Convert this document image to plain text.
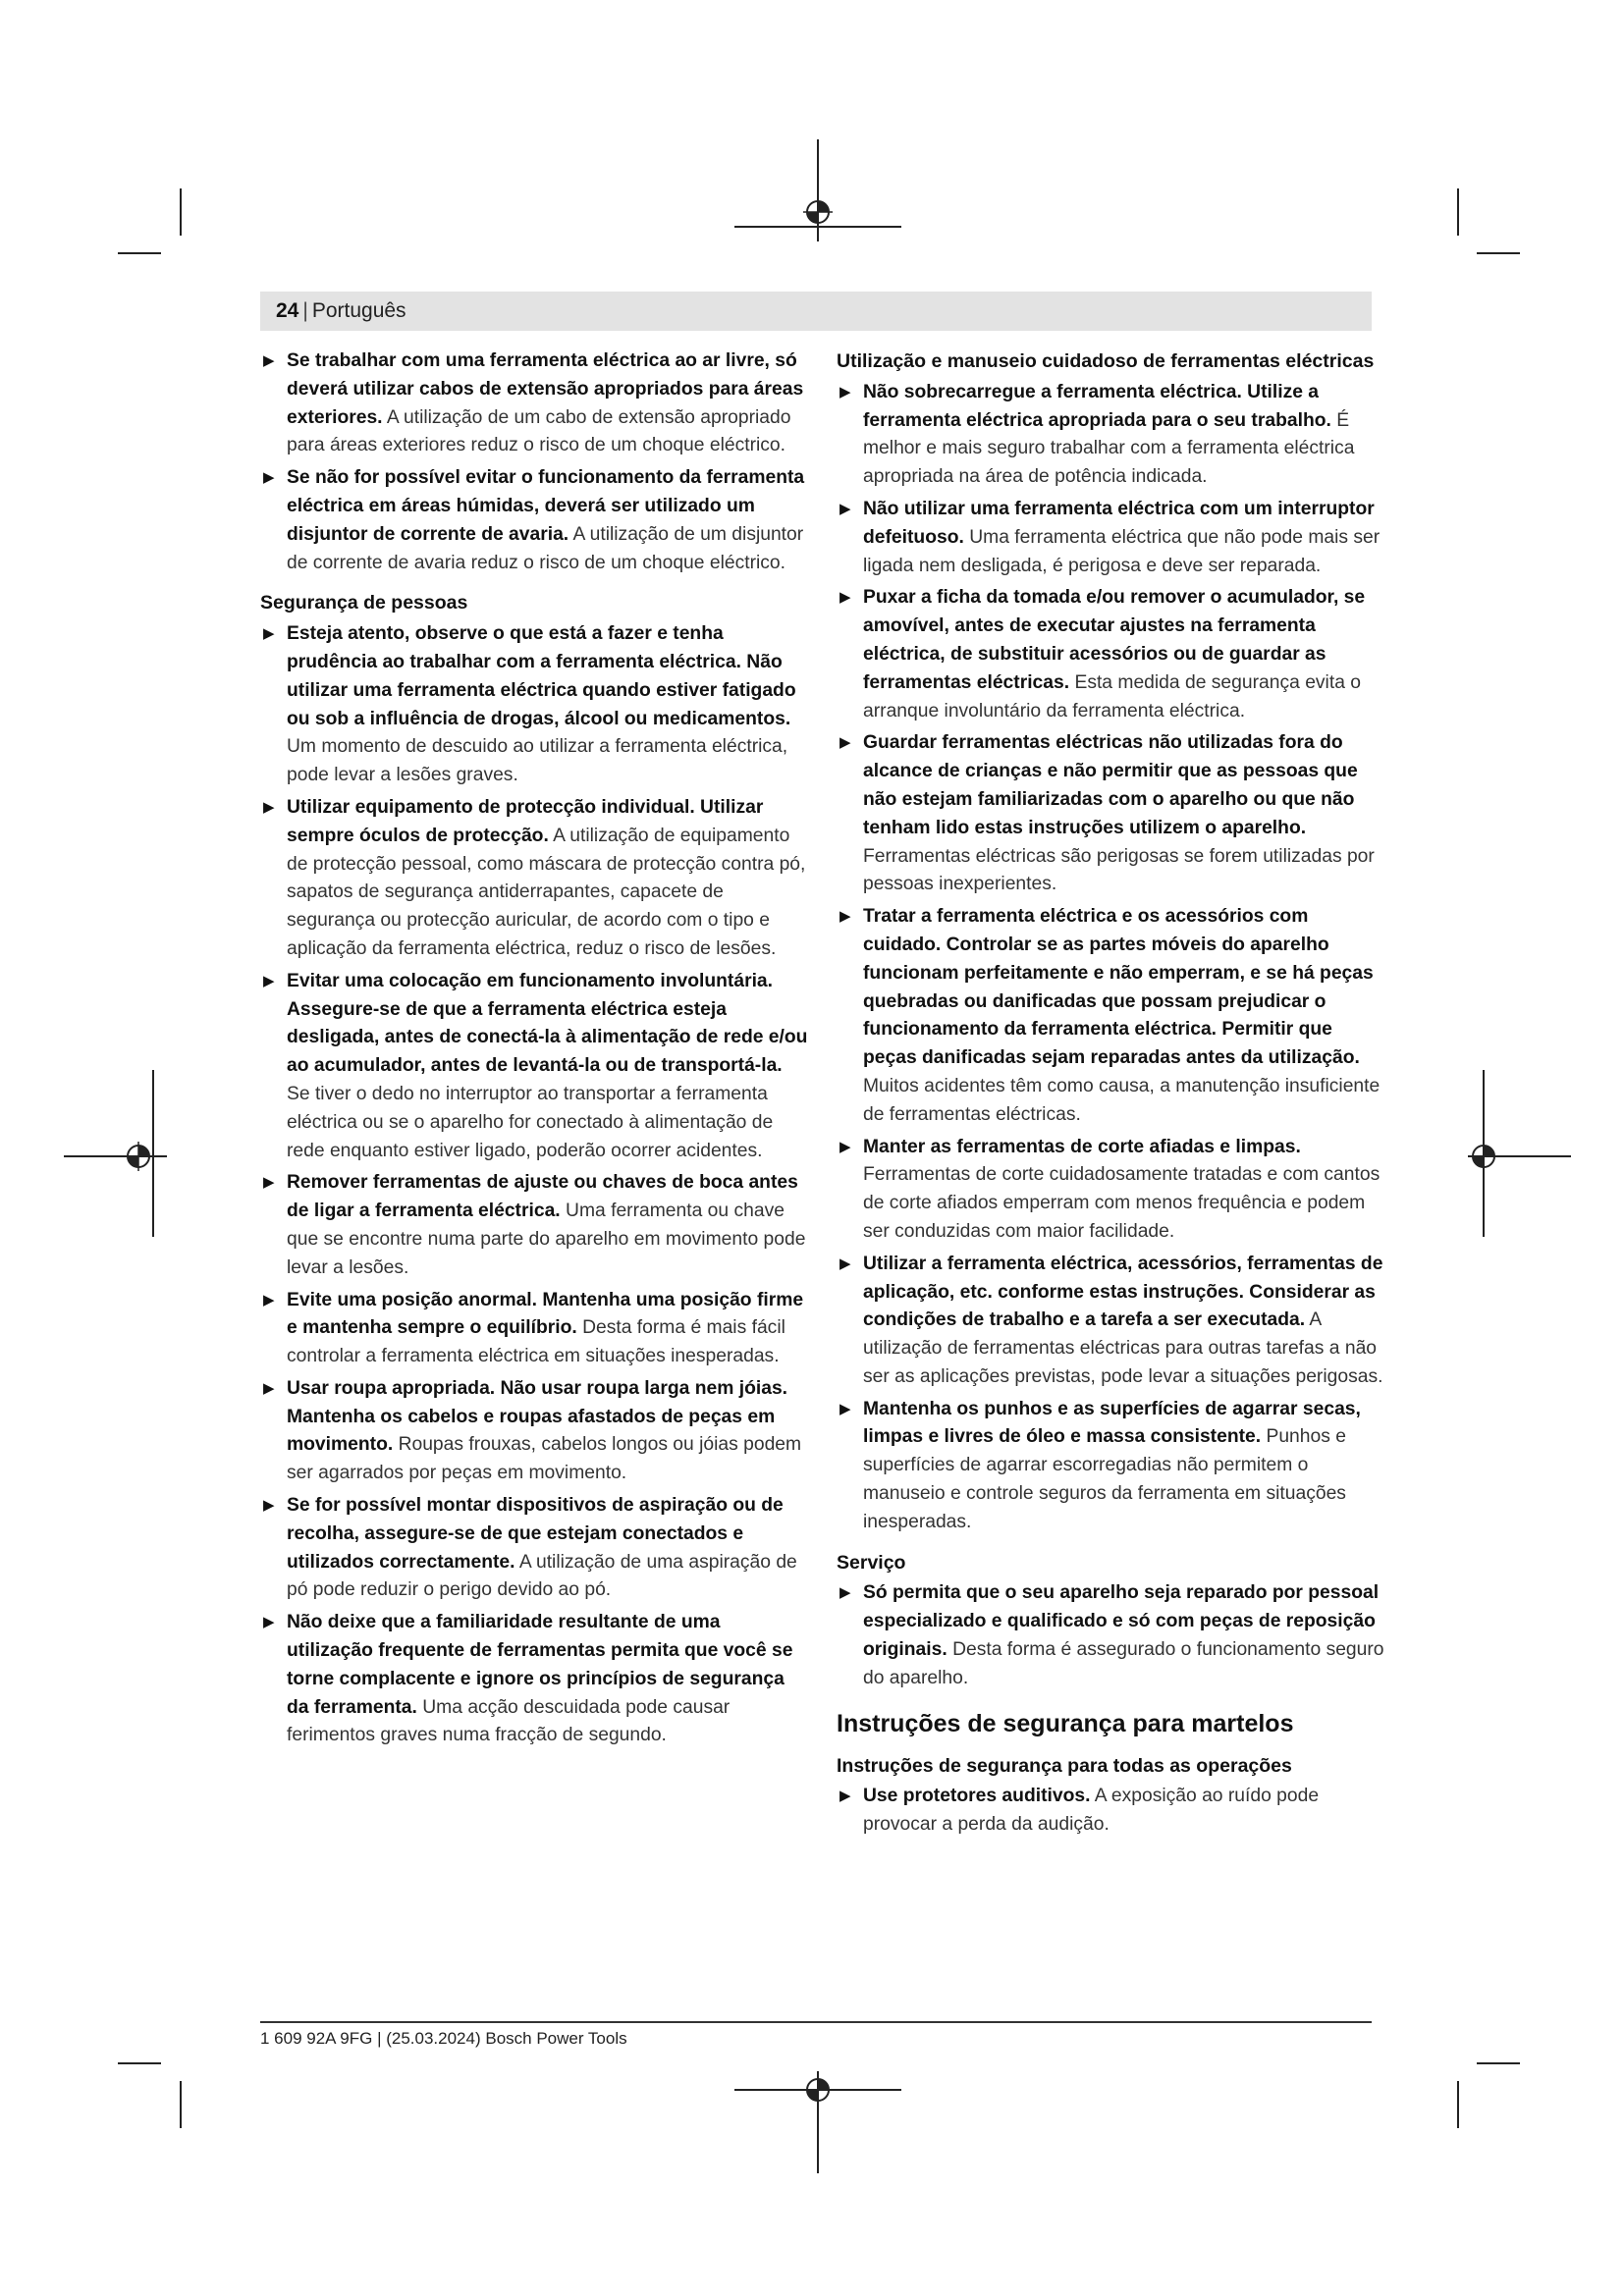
24 | Português
▶ Se trabalhar com uma ferramenta eléctrica ao ar livre, só deverá utilizar cabos de extensão apropriados para áreas exteriores. A utilização de um cabo de extensão apropriado para áreas exteriores reduz o risco de um choque eléctrico.
▶ Se não for possível evitar o funcionamento da ferramenta eléctrica em áreas húmidas, deverá ser utilizado um disjuntor de corrente de avaria. A utilização de um disjuntor de corrente de avaria reduz o risco de um choque eléctrico.
Segurança de pessoas
▶ Esteja atento, observe o que está a fazer e tenha prudência ao trabalhar com a ferramenta eléctrica. Não utilizar uma ferramenta eléctrica quando estiver fatigado ou sob a influência de drogas, álcool ou medicamentos. Um momento de descuido ao utilizar a ferramenta eléctrica, pode levar a lesões graves.
▶ Utilizar equipamento de protecção individual. Utilizar sempre óculos de protecção. A utilização de equipamento de protecção pessoal, como máscara de protecção contra pó, sapatos de segurança antiderrapantes, capacete de segurança ou protecção auricular, de acordo com o tipo e aplicação da ferramenta eléctrica, reduz o risco de lesões.
▶ Evitar uma colocação em funcionamento involuntária. Assegure-se de que a ferramenta eléctrica esteja desligada, antes de conectá-la à alimentação de rede e/ou ao acumulador, antes de levantá-la ou de transportá-la. Se tiver o dedo no interruptor ao transportar a ferramenta eléctrica ou se o aparelho for conectado à alimentação de rede enquanto estiver ligado, poderão ocorrer acidentes.
▶ Remover ferramentas de ajuste ou chaves de boca antes de ligar a ferramenta eléctrica. Uma ferramenta ou chave que se encontre numa parte do aparelho em movimento pode levar a lesões.
▶ Evite uma posição anormal. Mantenha uma posição firme e mantenha sempre o equilíbrio. Desta forma é mais fácil controlar a ferramenta eléctrica em situações inesperadas.
▶ Usar roupa apropriada. Não usar roupa larga nem jóias. Mantenha os cabelos e roupas afastados de peças em movimento. Roupas frouxas, cabelos longos ou jóias podem ser agarrados por peças em movimento.
▶ Se for possível montar dispositivos de aspiração ou de recolha, assegure-se de que estejam conectados e utilizados correctamente. A utilização de uma aspiração de pó pode reduzir o perigo devido ao pó.
▶ Não deixe que a familiaridade resultante de uma utilização frequente de ferramentas permita que você se torne complacente e ignore os princípios de segurança da ferramenta. Uma acção descuidada pode causar ferimentos graves numa fracção de segundo.
Utilização e manuseio cuidadoso de ferramentas eléctricas
▶ Não sobrecarregue a ferramenta eléctrica. Utilize a ferramenta eléctrica apropriada para o seu trabalho. É melhor e mais seguro trabalhar com a ferramenta eléctrica apropriada na área de potência indicada.
▶ Não utilizar uma ferramenta eléctrica com um interruptor defeituoso. Uma ferramenta eléctrica que não pode mais ser ligada nem desligada, é perigosa e deve ser reparada.
▶ Puxar a ficha da tomada e/ou remover o acumulador, se amovível, antes de executar ajustes na ferramenta eléctrica, de substituir acessórios ou de guardar as ferramentas eléctricas. Esta medida de segurança evita o arranque involuntário da ferramenta eléctrica.
▶ Guardar ferramentas eléctricas não utilizadas fora do alcance de crianças e não permitir que as pessoas que não estejam familiarizadas com o aparelho ou que não tenham lido estas instruções utilizem o aparelho. Ferramentas eléctricas são perigosas se forem utilizadas por pessoas inexperientes.
▶ Tratar a ferramenta eléctrica e os acessórios com cuidado. Controlar se as partes móveis do aparelho funcionam perfeitamente e não emperram, e se há peças quebradas ou danificadas que possam prejudicar o funcionamento da ferramenta eléctrica. Permitir que peças danificadas sejam reparadas antes da utilização. Muitos acidentes têm como causa, a manutenção insuficiente de ferramentas eléctricas.
▶ Manter as ferramentas de corte afiadas e limpas. Ferramentas de corte cuidadosamente tratadas e com cantos de corte afiados emperram com menos frequência e podem ser conduzidas com maior facilidade.
▶ Utilizar a ferramenta eléctrica, acessórios, ferramentas de aplicação, etc. conforme estas instruções. Considerar as condições de trabalho e a tarefa a ser executada. A utilização de ferramentas eléctricas para outras tarefas a não ser as aplicações previstas, pode levar a situações perigosas.
▶ Mantenha os punhos e as superfícies de agarrar secas, limpas e livres de óleo e massa consistente. Punhos e superfícies de agarrar escorregadias não permitem o manuseio e controle seguros da ferramenta em situações inesperadas.
Serviço
▶ Só permita que o seu aparelho seja reparado por pessoal especializado e qualificado e só com peças de reposição originais. Desta forma é assegurado o funcionamento seguro do aparelho.
Instruções de segurança para martelos
Instruções de segurança para todas as operações
▶ Use protetores auditivos. A exposição ao ruído pode provocar a perda da audição.
1 609 92A 9FG | (25.03.2024) Bosch Power Tools
